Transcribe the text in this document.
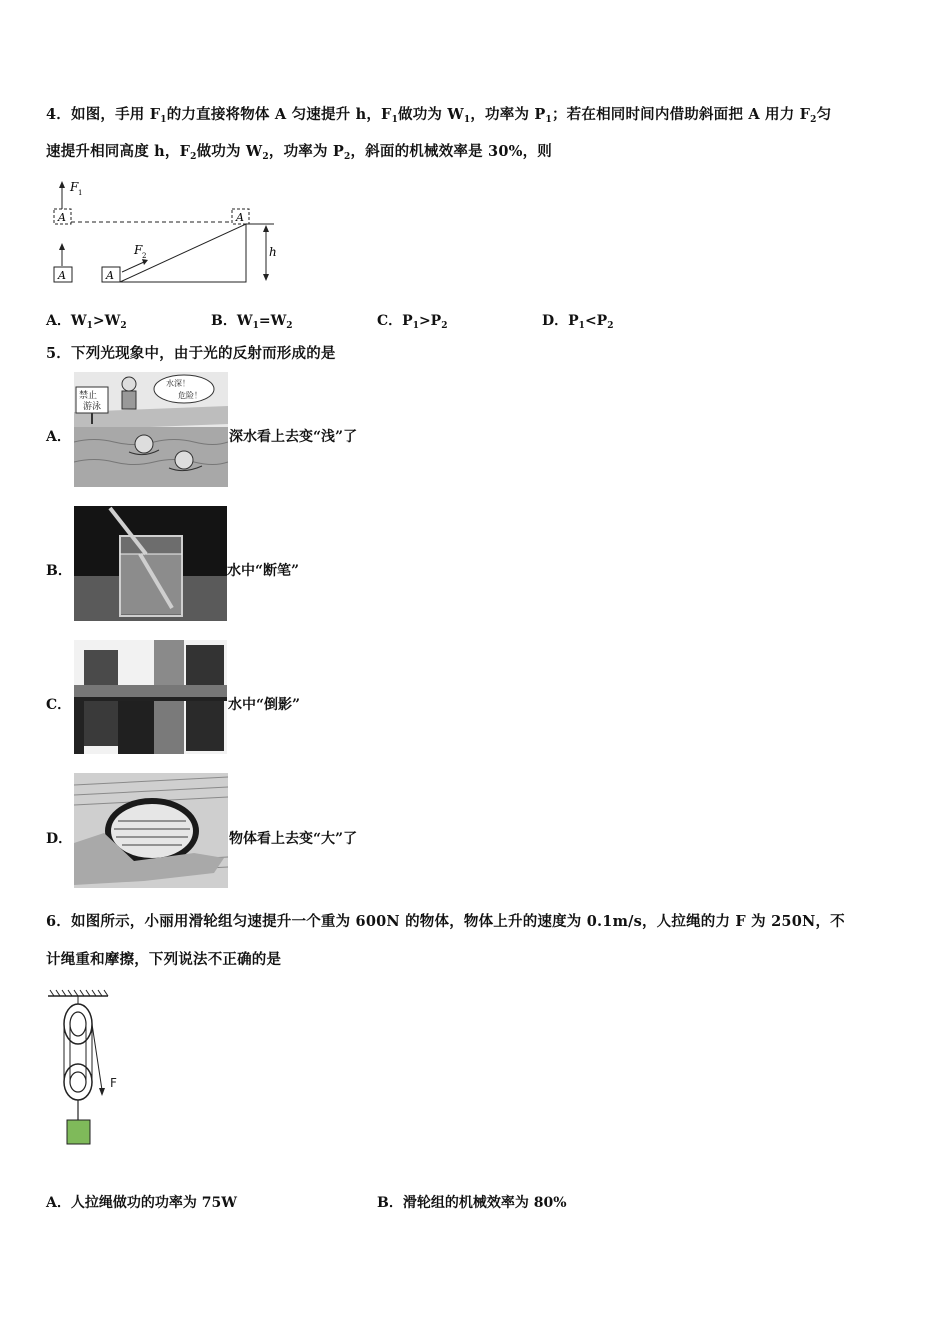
4．如图，手用 $F_1$的力直接将物体 A 匀速提升 h，$F_1$做功为 $W_1$，功率为 $P_1$；若在相同时间内借助斜面把 A 用力 $F_2$匀
速提升相同高度 h，$F_2$做功为 $W_2$，功率为 $P_2$，斜面的机械效率是 30%，则
A
F 1
A
A	A
F 2	h
A．$W_1>W_2$	B．$W_1=W_2$	C．$P_1>P_2$	D．$P_1<P_2$
5．下列光现象中，由于光的反射而形成的是
A．
禁止
游泳
水深！
危险！
深水看上去变“浅”了
B．	水中“断笔”
C．	水中“倒影”
D．	物体看上去变“大”了
6．如图所示，小丽用滑轮组匀速提升一个重为 600N 的物体，物体上升的速度为 0.1m/s，人拉绳的力 F 为 250N，不
计绳重和摩擦，下列说法不正确的是
F
A．人拉绳做功的功率为 75W	B．滑轮组的机械效率为 80%
